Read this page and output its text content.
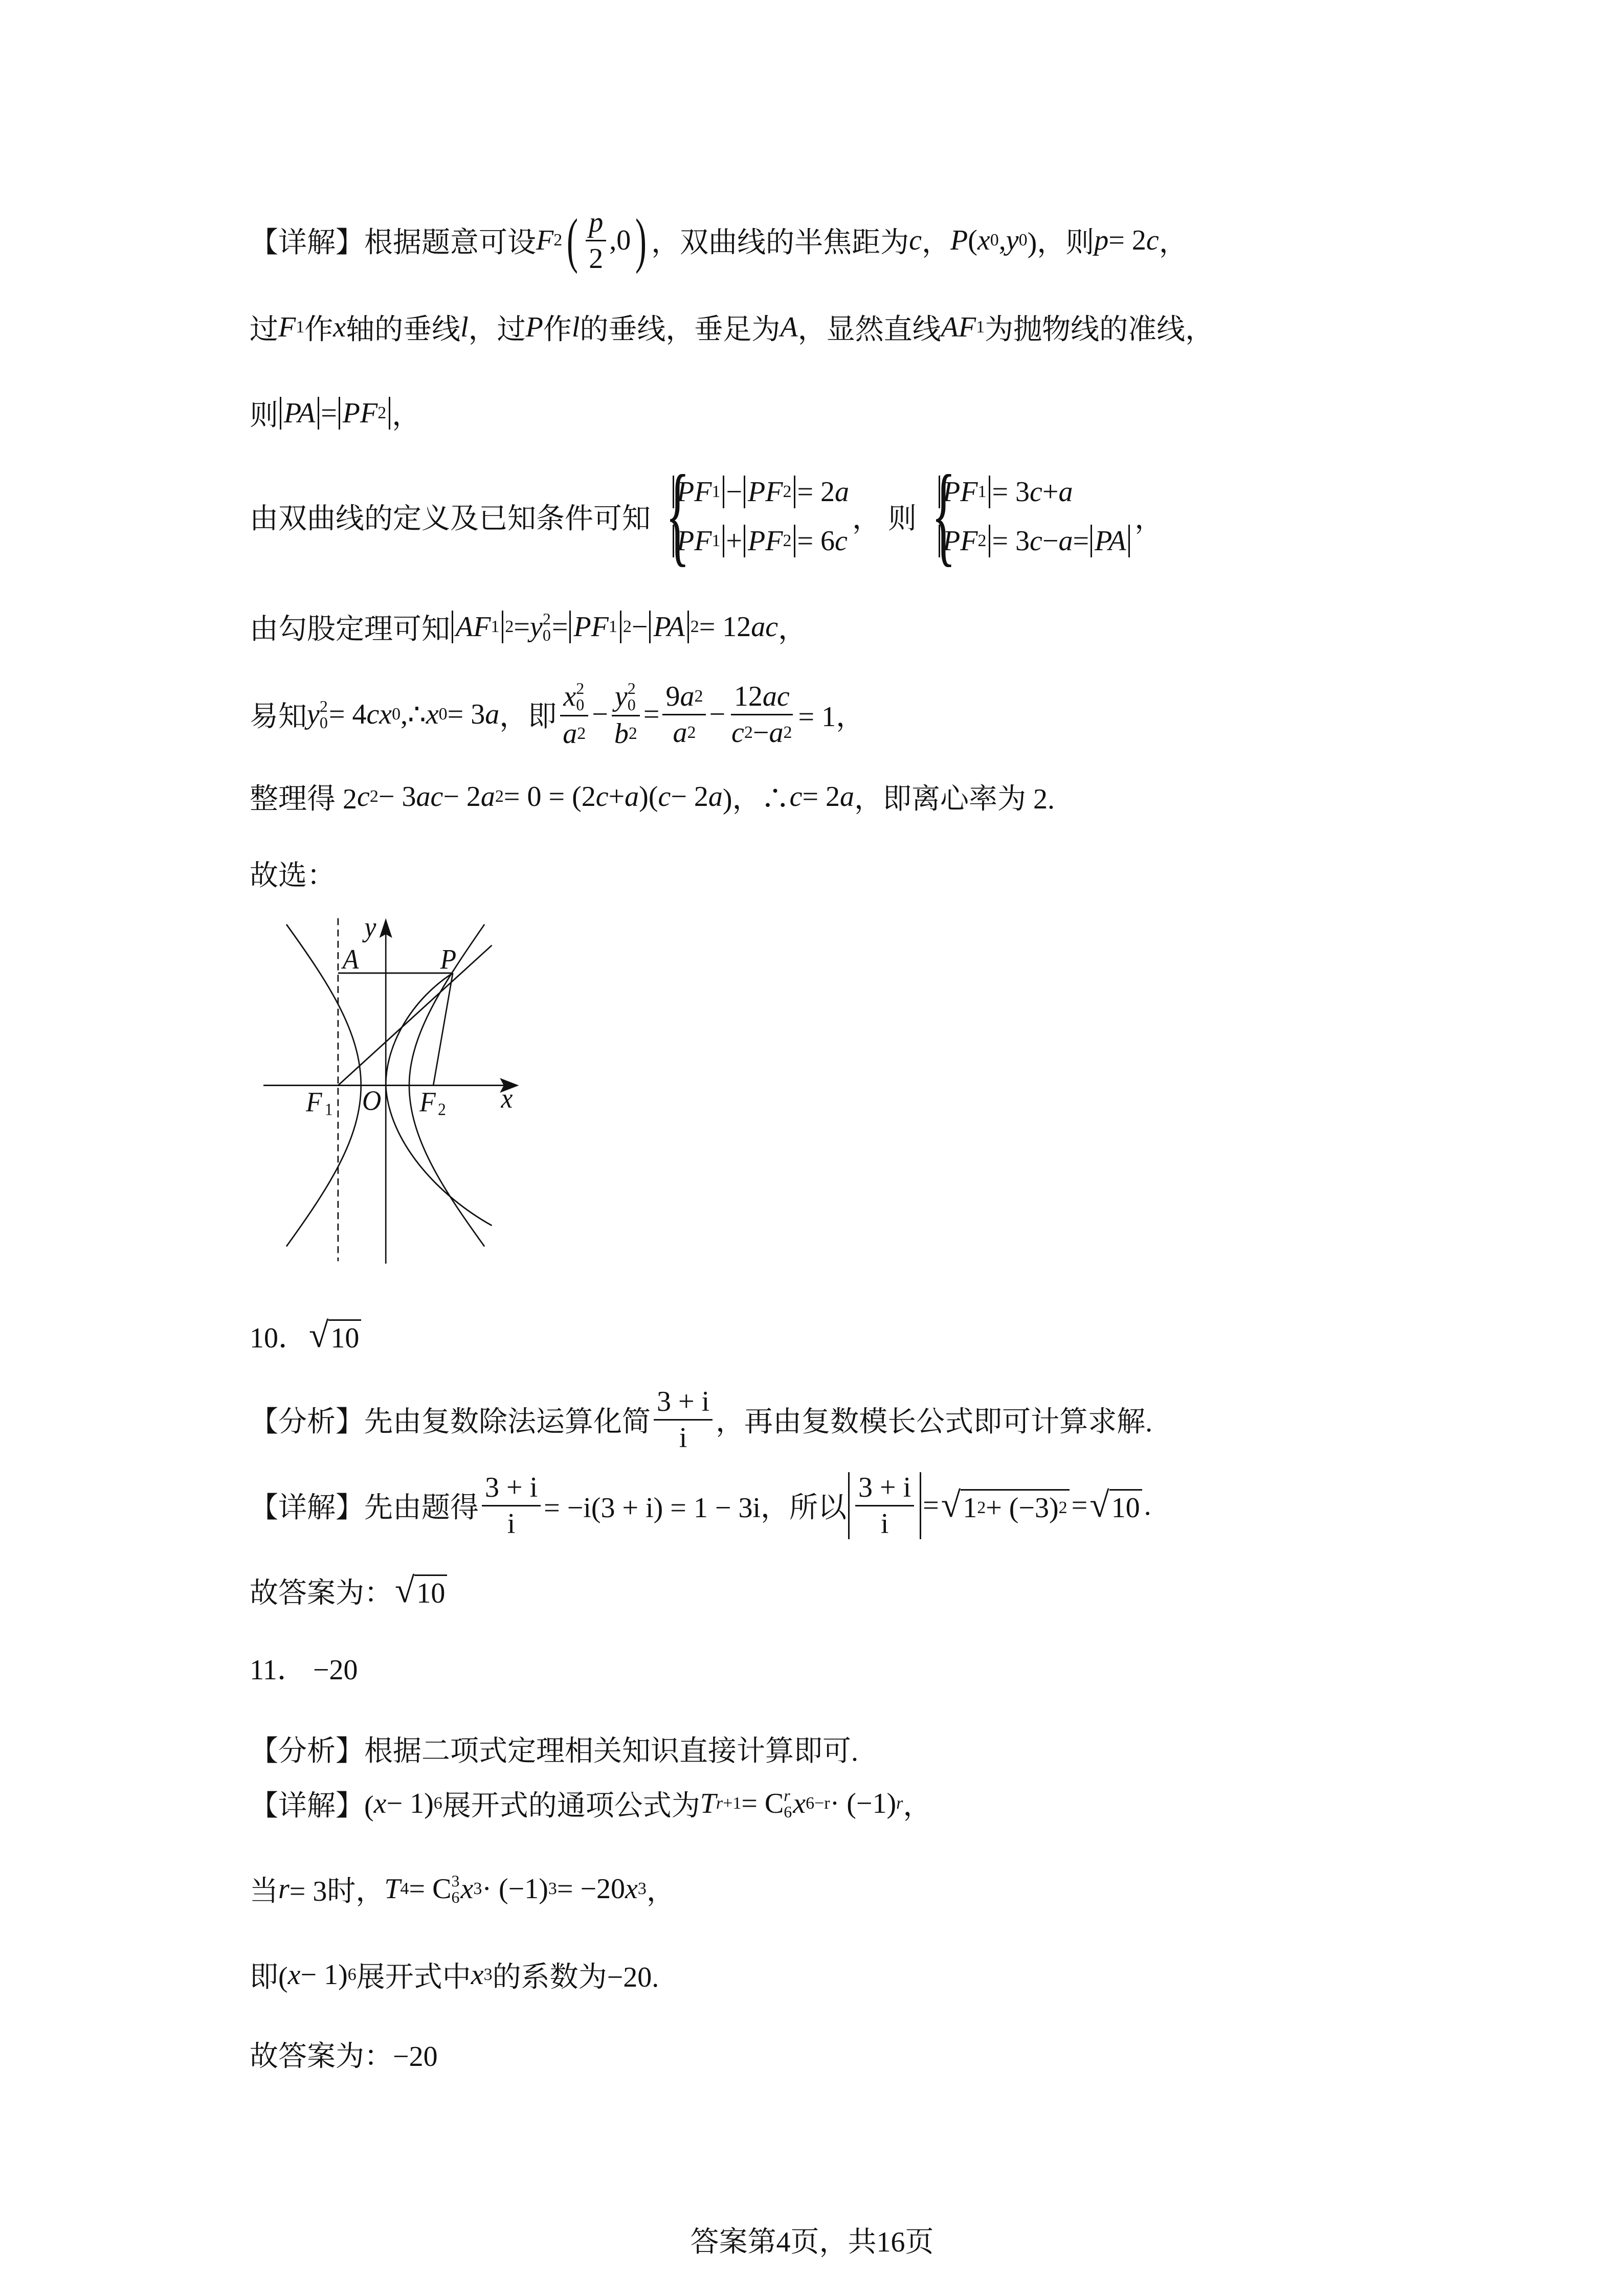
【详解】根据题意可设 F 2 ( $\frac{p}{2} ,0$ ) ，双曲线的半焦距为 c ， P ( x 0 , y 0 )，则 p = 2 c ，
过 F 1 作 x 轴的垂线 l ，过 P 作 l 的垂线，垂足为 A ，显然直线 AF 1 为抛物线的准线，
则 PA = PF 2 ，
由双曲线的定义及已知条件可知
{ PF 1 − PF 2 = 2 a
PF 1 + PF 2 = 6 c
， 则
{ PF 1 = 3 c + a
PF 2 = 3 c − a = PA
，
由勾股定理可知 AF 1 2 = y 2
0 = PF 1 2 − PA 2 = 12 ac ，
易知 y 2
0 = 4 cx 0 ,∴ x 0 = 3 a ，即 x 2
0
a 2 − y 2
0
b $2 = \frac{9 a 2}{a 2} - \frac{12 ac}{c 2 - a 2} = 1$，
整理得 2 c 2 − 3 ac − 2 a 2 = 0 = (2 c + a )( c − 2 a )，∴ c = 2 a ，即离心率为 2.
故选：
10． √ 10
【分析】先由复数除法运算化简 $\frac{3 + i}{i}$ ，再由复数模长公式即可计算求解.
【详解】先由题得 $\frac{3 + i}{i} = -i(3 + i) = 1 - 3i$，所以 $\frac{3 + i}{i}$ = √ 1 2 + (−3) 2 = √ 10 .
故答案为： √ 10
11． −20
【分析】根据二项式定理相关知识直接计算即可.
【详解】( x − 1) 6 展开式的通项公式为 T r+1 = C r
6 x 6−r · (−1) r ，
当 r = 3时， T 4 = C 3
6 x 3 · (−1) 3 = −20 x 3 ，
即( x − 1) 6 展开式中 x 3 的系数为−20.
故答案为：−20
y
A P
F 1 O F 2 x
答案第4页，共16页
